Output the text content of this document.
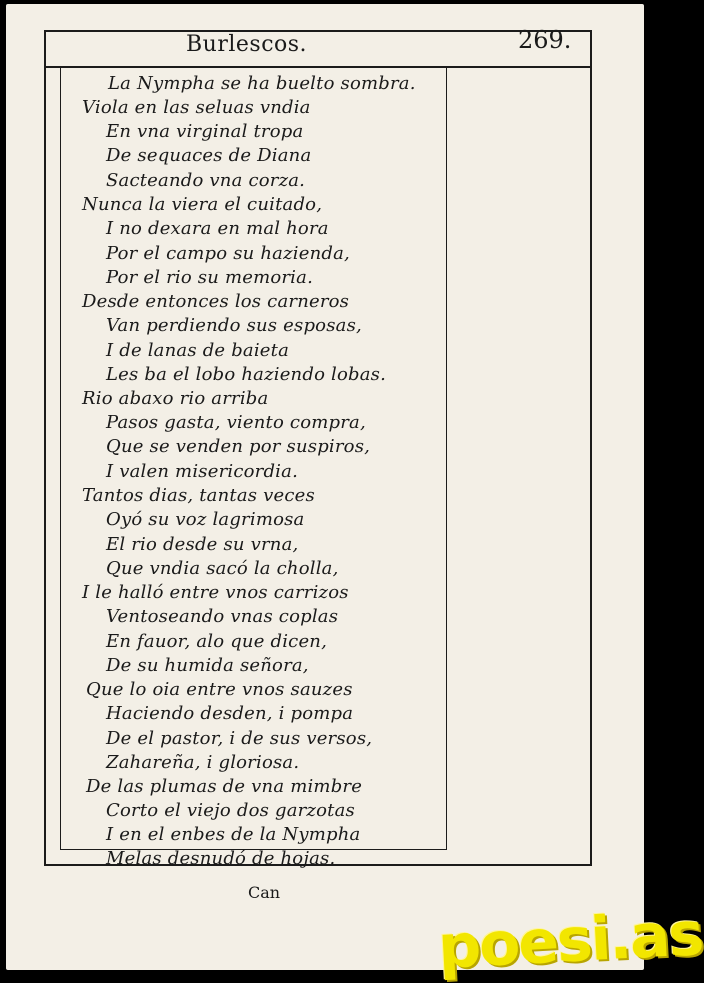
Burlescos.	269.
La Nympha se ha buelto sombra.
Viola en las seluas vndia
En vna virginal tropa
De sequaces de Diana
Sacteando vna corza.
Nunca la viera el cuitado,
I no dexara en mal hora
Por el campo su hazienda,
Por el rio su memoria.
Desde entonces los carneros
Van perdiendo sus esposas,
I de lanas de baieta
Les ba el lobo haziendo lobas.
Rio abaxo rio arriba
Pasos gasta, viento compra,
Que se venden por suspiros,
I valen misericordia.
Tantos dias, tantas veces
Oyó su voz lagrimosa
El rio desde su vrna,
Que vndia sacó la cholla,
I le halló entre vnos carrizos
Ventoseando vnas coplas
En fauor, alo que dicen,
De su humida señora,
Que lo oia entre vnos sauzes
Haciendo desden, i pompa
De el pastor, i de sus versos,
Zahareña, i gloriosa.
De las plumas de vna mimbre
Corto el viejo dos garzotas
I en el enbes de la Nympha
Melas desnudó de hojas.
Can
poesi.as
